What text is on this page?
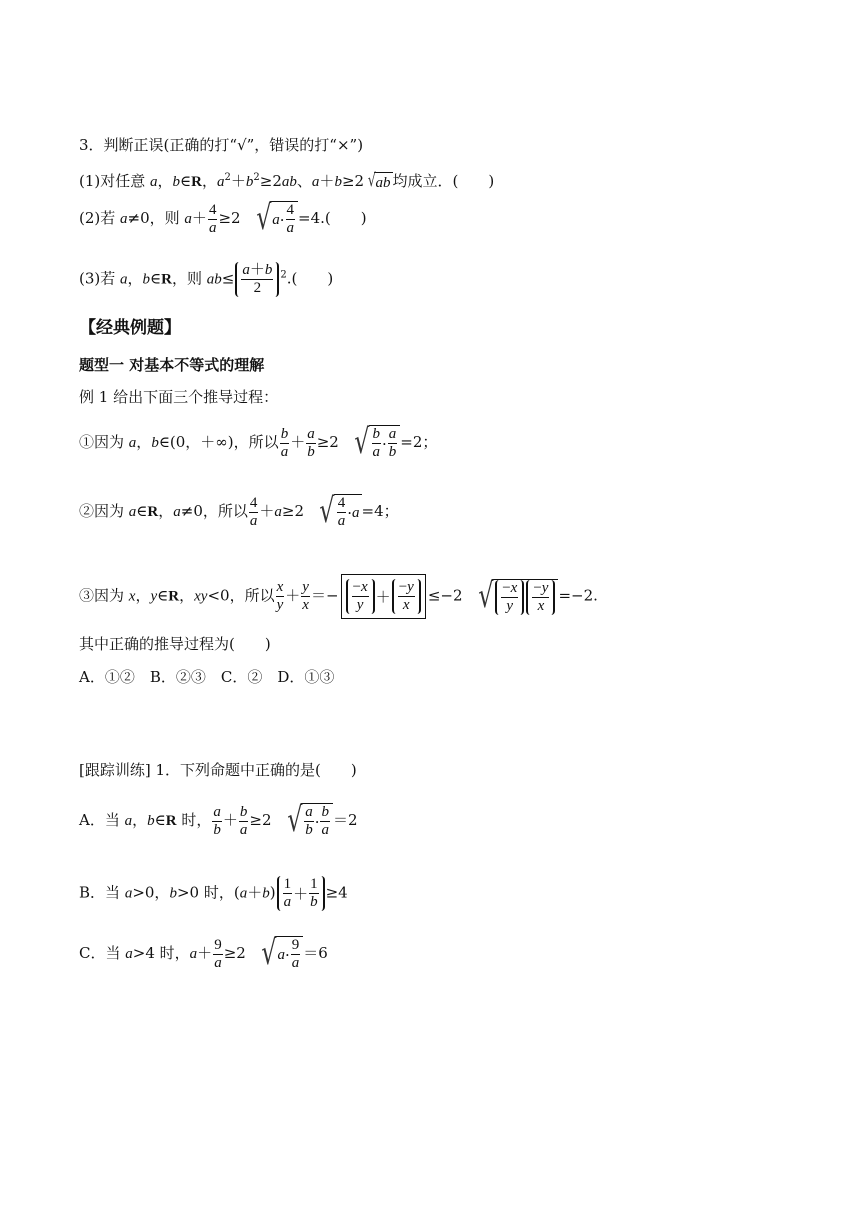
3．判断正误(正确的打“√”，错误的打“×”)
(1)对任意 a，b∈R，$a^2+b^2\ge 2ab$、a＋b≥2 √ ab 均成立．(　　)
(2)若 a≠0，则 $a+ \frac{4}{a} \ge 2$ √ $a \cdot \frac{4}{a} =4$.(　　)
(3)若 a，b∈R，则 $ab\le \frac{a+b}{2} ^2$.(　　)
【经典例题】
题型一 对基本不等式的理解
例 1 给出下面三个推导过程：
①因为 a，b∈(0，＋∞)，所以 $\frac{b}{a} + \frac{a}{b} \ge 2$ √ $\frac{b}{a} \cdot \frac{a}{b} =2$；
②因为 a∈R，a≠0，所以 $\frac{4}{a} +a\ge 2$ √ $\frac{4}{a} \cdot a =4$；
③因为 x，y∈R，xy<0，所以 $\frac{x}{y} + \frac{y}{x} =- \frac{-x}{y} + \frac{-y}{x} \le-2$ √ $\frac{-x}{y} \frac{-y}{x} =-2$.
其中正确的推导过程为(　　)
A．①②　B．②③　C．②　D．①③
[跟踪训练] 1．下列命题中正确的是(　　)
A．当 a，b∈R 时， $\frac{a}{b} + \frac{b}{a} \ge 2$ √ $\frac{a}{b} \cdot \frac{b}{a} =2$
B．当 a>0，b>0 时，$(a+b) \frac{1}{a} + \frac{1}{b} \ge 4$
C．当 a>4 时，$a+ \frac{9}{a} \ge 2$ √ $a \cdot \frac{9}{a} =6$
